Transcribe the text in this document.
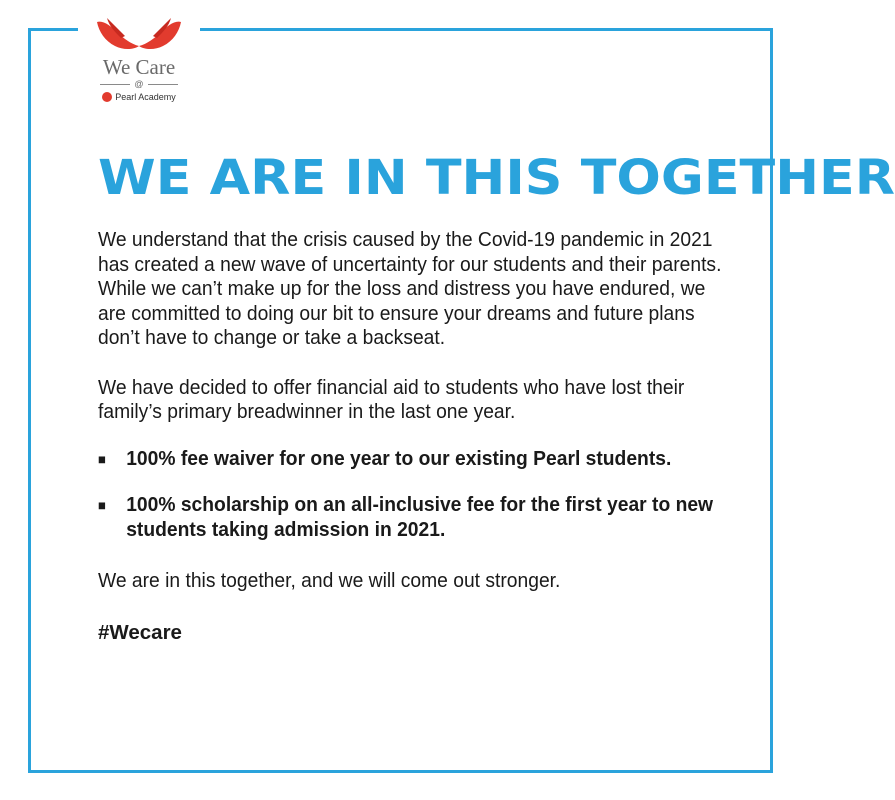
We Care
@
Pearl Academy
WE ARE IN THIS TOGETHER

We understand that the crisis caused by the Covid-19 pandemic in 2021 has created a new wave of uncertainty for our students and their parents. While we can’t make up for the loss and distress you have endured, we are committed to doing our bit to ensure your dreams and future plans don’t have to change or take a backseat.

We have decided to offer financial aid to students who have lost their family’s primary breadwinner in the last one year.

■ 100% fee waiver for one year to our existing Pearl students.
■ 100% scholarship on an all-inclusive fee for the first year to new students taking admission in 2021.

We are in this together, and we will come out stronger.

#Wecare
